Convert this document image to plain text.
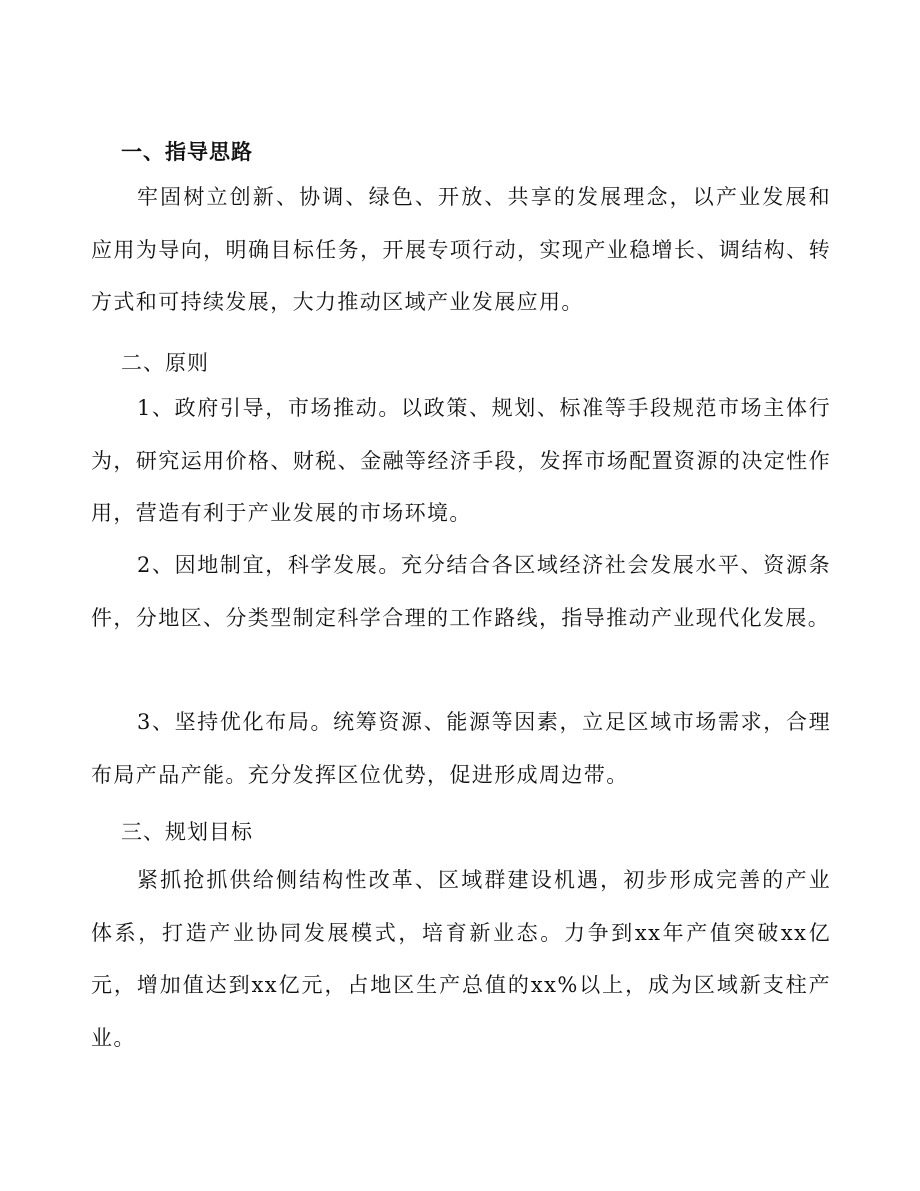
一、指导思路

牢固树立创新、协调、绿色、开放、共享的发展理念，以产业发展和应用为导向，明确目标任务，开展专项行动，实现产业稳增长、调结构、转方式和可持续发展，大力推动区域产业发展应用。

二、原则

1、政府引导，市场推动。以政策、规划、标准等手段规范市场主体行为，研究运用价格、财税、金融等经济手段，发挥市场配置资源的决定性作用，营造有利于产业发展的市场环境。

2、因地制宜，科学发展。充分结合各区域经济社会发展水平、资源条件，分地区、分类型制定科学合理的工作路线，指导推动产业现代化发展。

3、坚持优化布局。统筹资源、能源等因素，立足区域市场需求，合理布局产品产能。充分发挥区位优势，促进形成周边带。

三、规划目标

紧抓抢抓供给侧结构性改革、区域群建设机遇，初步形成完善的产业体系，打造产业协同发展模式，培育新业态。力争到xx年产值突破xx亿元，增加值达到xx亿元，占地区生产总值的xx%以上，成为区域新支柱产业。
